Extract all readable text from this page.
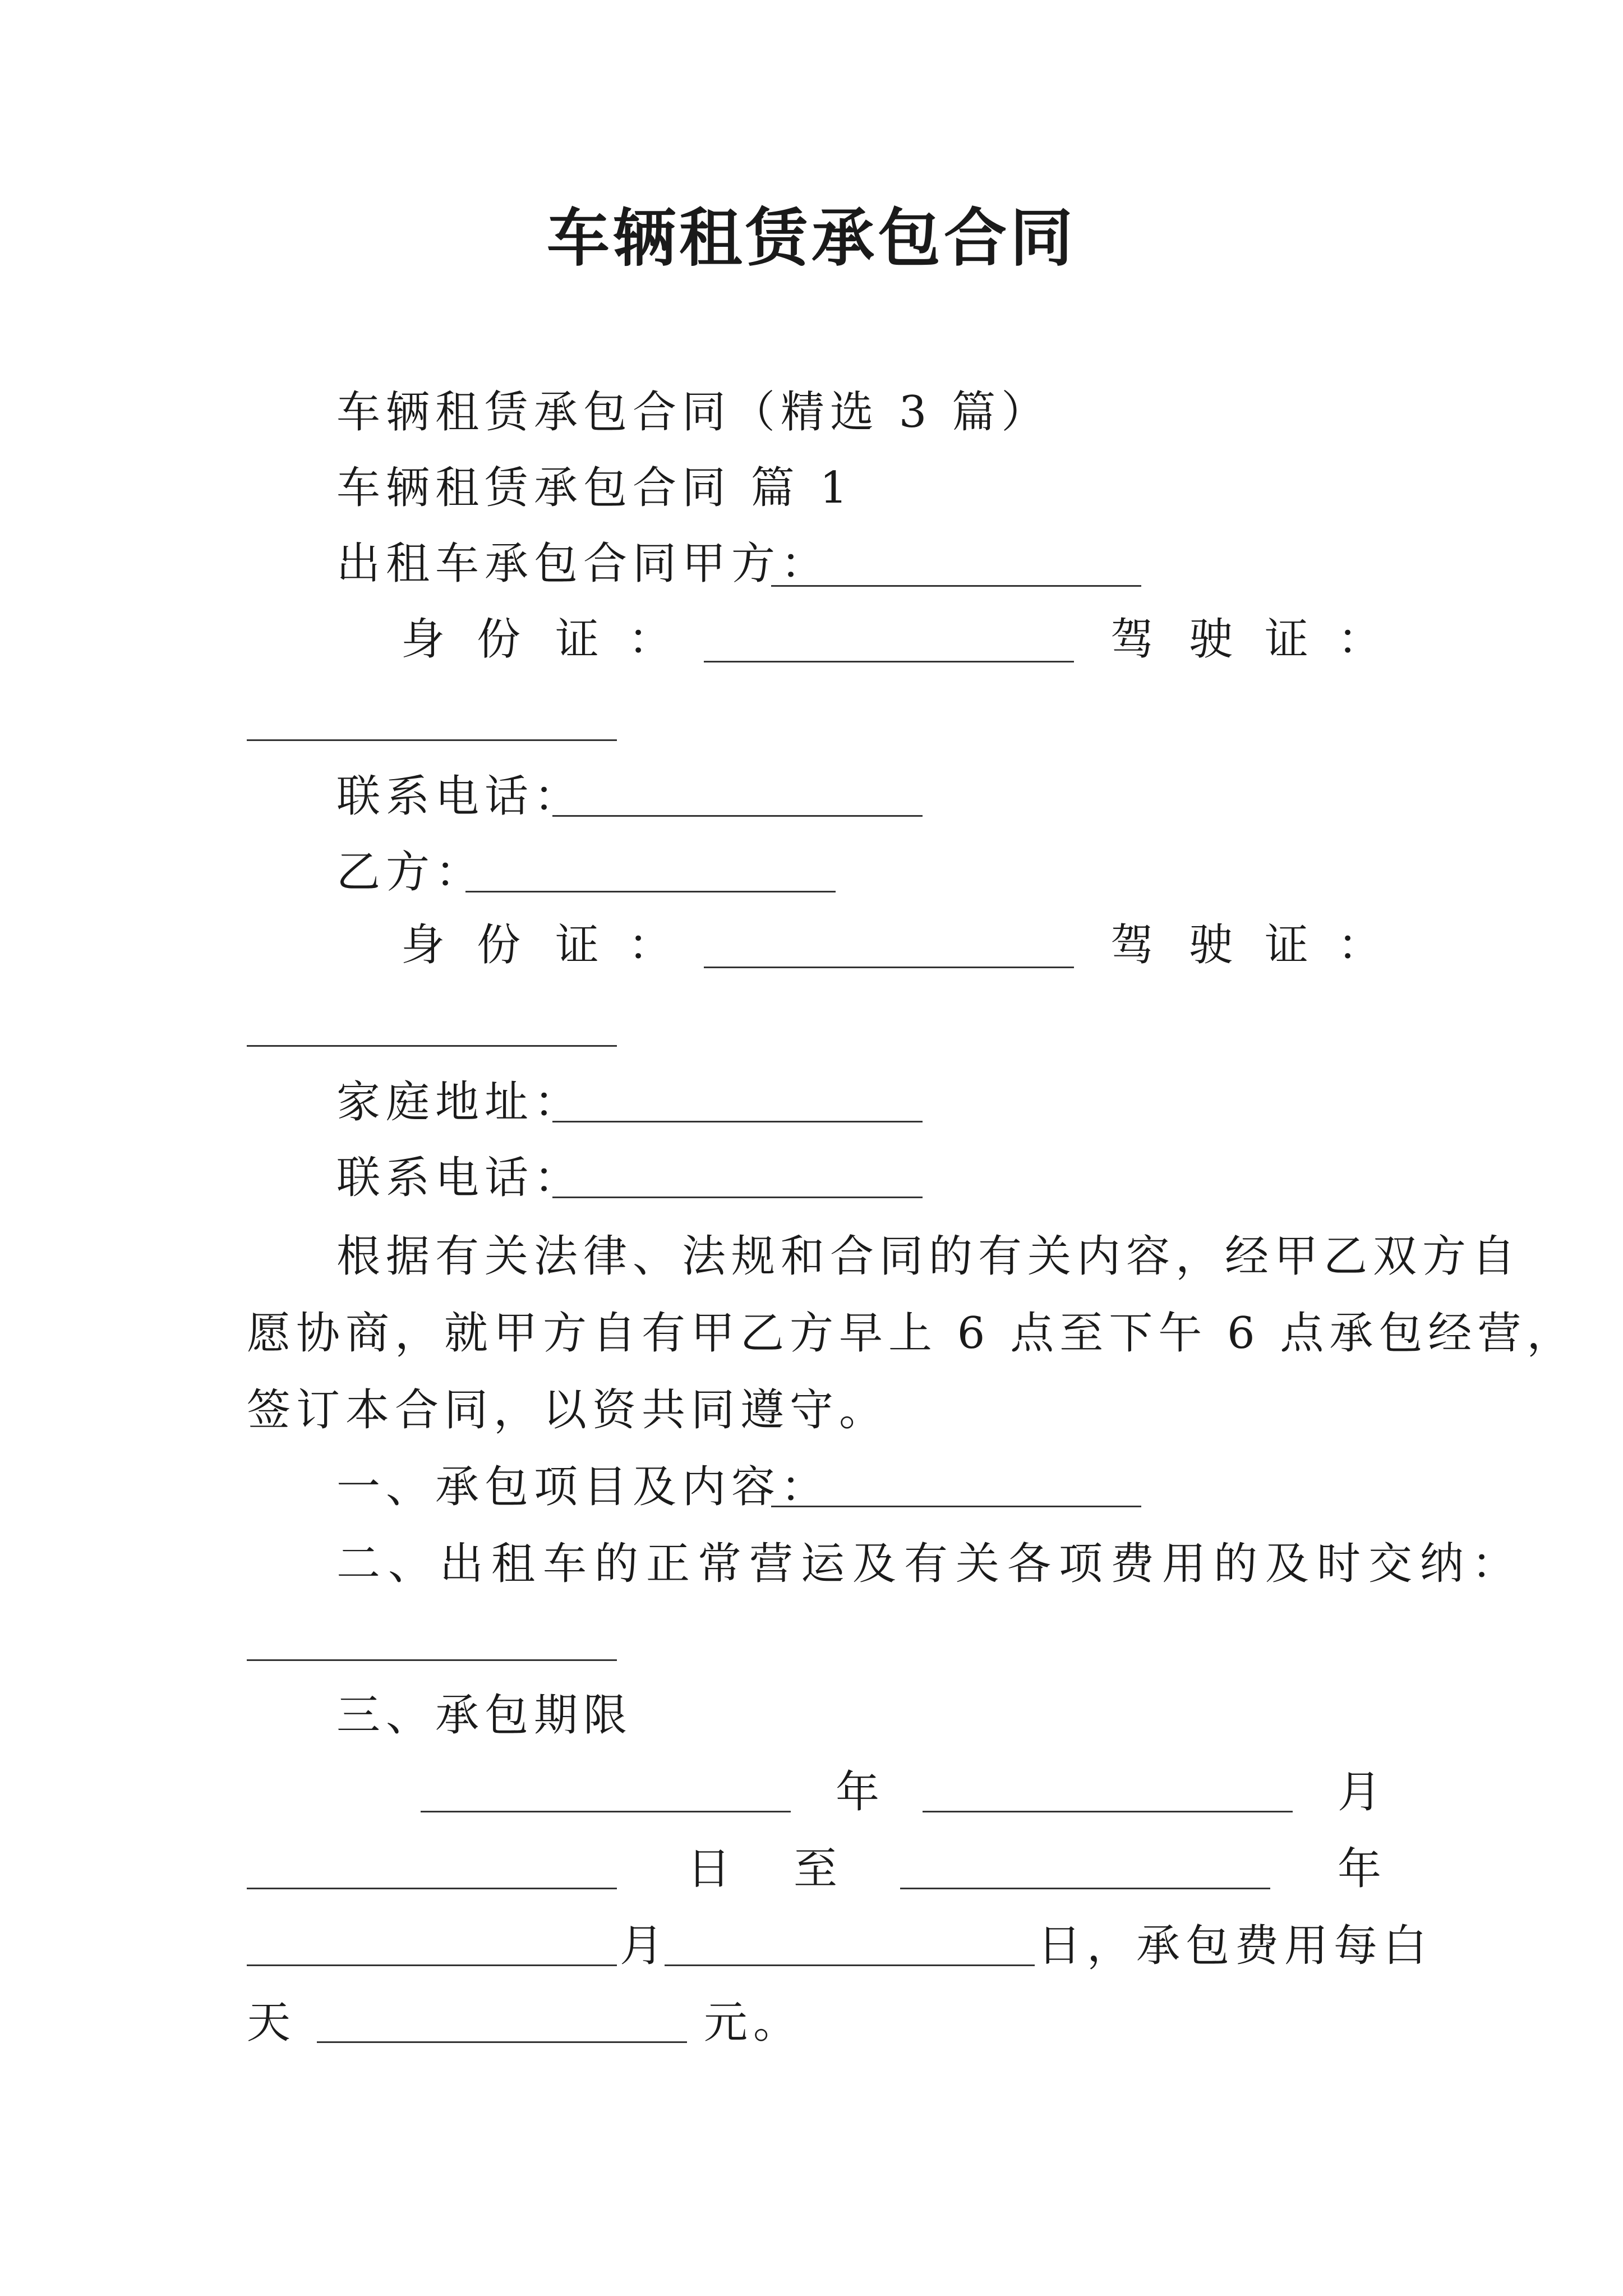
车辆租赁承包合同
车辆租赁承包合同（精选 3 篇）
车辆租赁承包合同 篇 1
出租车承包合同甲方：
身 份 证 ：	驾 驶 证 ：
联系电话：
乙方：
身 份 证 ：	驾 驶 证 ：
家庭地址：
联系电话：
根据有关法律、法规和合同的有关内容，经甲乙双方自
愿协商，就甲方自有甲乙方早上 6 点至下午 6 点承包经营，
签订本合同，以资共同遵守。
一、承包项目及内容：
二、出租车的正常营运及有关各项费用的及时交纳：
三、承包期限
年	月
日 至	年
月	日，承包费用每白
天	元。
